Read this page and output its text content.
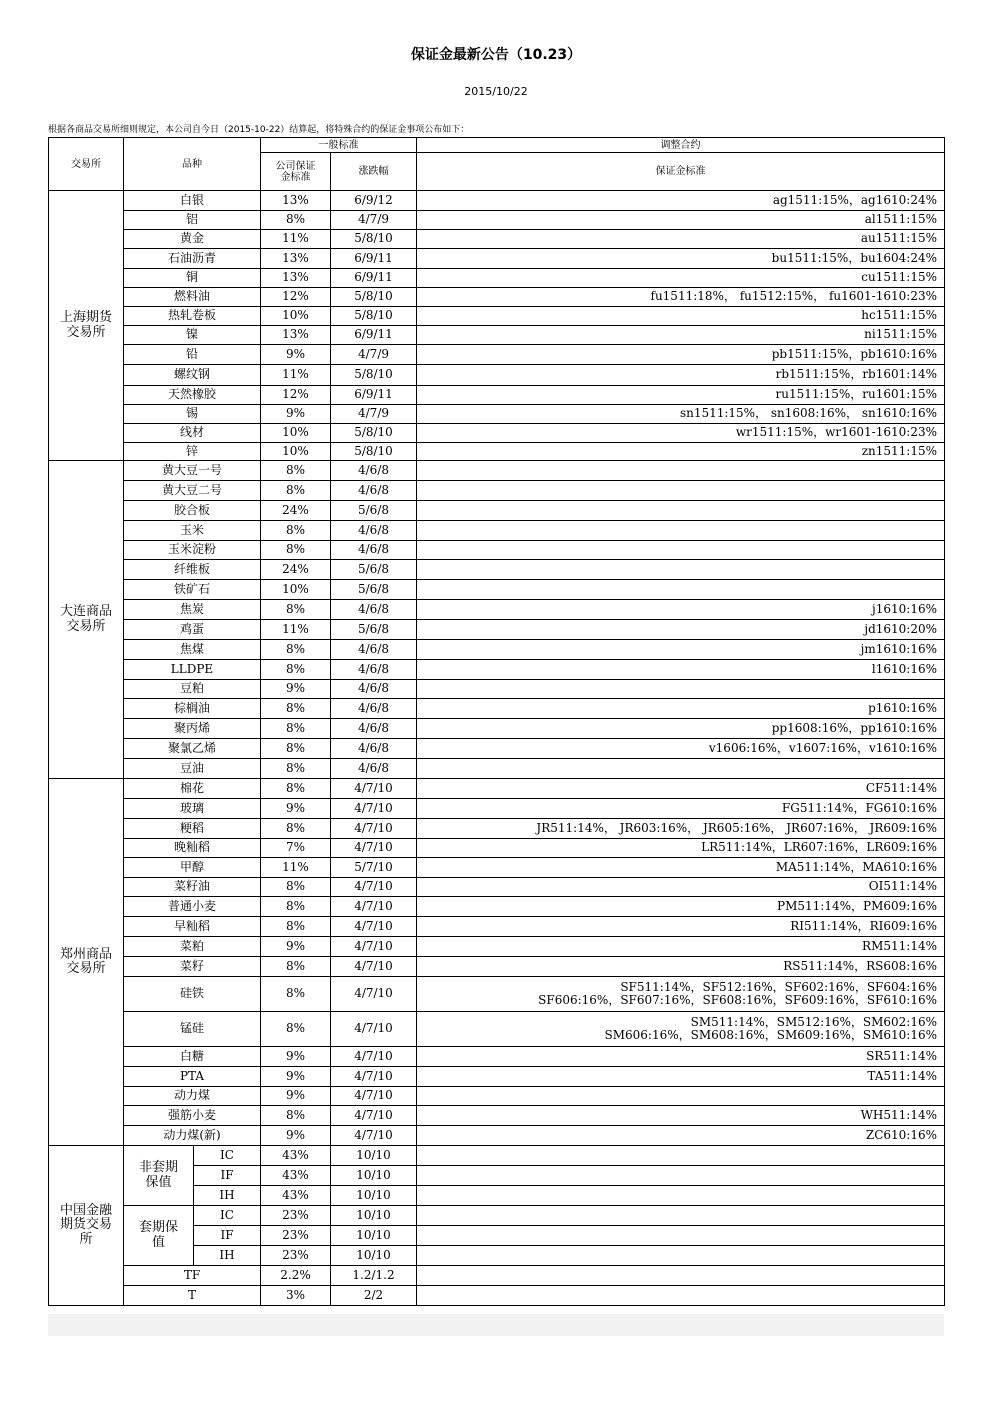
保证金最新公告（10.23）
2015/10/22
根据各商品交易所细则规定，本公司自今日（2015-10-22）结算起，将特殊合约的保证金事项公布如下：
交易所	品种		一般标准		调整合约
			公司保证金标准	涨跌幅	保证金标准
上海期货交易所	白银		13%	6/9/12	ag1511:15%，ag1610:24%
	铝		8%	4/7/9	al1511:15%
	黄金		11%	5/8/10	au1511:15%
	石油沥青		13%	6/9/11	bu1511:15%，bu1604:24%
	铜		13%	6/9/11	cu1511:15%
	燃料油		12%	5/8/10	fu1511:18%， fu1512:15%， fu1601-1610:23%
	热轧卷板		10%	5/8/10	hc1511:15%
	镍		13%	6/9/11	ni1511:15%
	铅		9%	4/7/9	pb1511:15%，pb1610:16%
	螺纹钢		11%	5/8/10	rb1511:15%，rb1601:14%
	天然橡胶		12%	6/9/11	ru1511:15%，ru1601:15%
	锡		9%	4/7/9	sn1511:15%， sn1608:16%， sn1610:16%
	线材		10%	5/8/10	wr1511:15%，wr1601-1610:23%
	锌		10%	5/8/10	zn1511:15%
大连商品交易所	黄大豆一号		8%	4/6/8	
	黄大豆二号		8%	4/6/8	
	胶合板		24%	5/6/8	
	玉米		8%	4/6/8	
	玉米淀粉		8%	4/6/8	
	纤维板		24%	5/6/8	
	铁矿石		10%	5/6/8	
	焦炭		8%	4/6/8	j1610:16%
	鸡蛋		11%	5/6/8	jd1610:20%
	焦煤		8%	4/6/8	jm1610:16%
	LLDPE		8%	4/6/8	l1610:16%
	豆粕		9%	4/6/8	
	棕榈油		8%	4/6/8	p1610:16%
	聚丙烯		8%	4/6/8	pp1608:16%，pp1610:16%
	聚氯乙烯		8%	4/6/8	v1606:16%，v1607:16%，v1610:16%
	豆油		8%	4/6/8	
郑州商品交易所	棉花		8%	4/7/10	CF511:14%
	玻璃		9%	4/7/10	FG511:14%，FG610:16%
	粳稻		8%	4/7/10	JR511:14%， JR603:16%， JR605:16%， JR607:16%， JR609:16%
	晚籼稻		7%	4/7/10	LR511:14%，LR607:16%，LR609:16%
	甲醇		11%	5/7/10	MA511:14%，MA610:16%
	菜籽油		8%	4/7/10	OI511:14%
	普通小麦		8%	4/7/10	PM511:14%，PM609:16%
	早籼稻		8%	4/7/10	RI511:14%，RI609:16%
	菜粕		9%	4/7/10	RM511:14%
	菜籽		8%	4/7/10	RS511:14%，RS608:16%
	硅铁		8%	4/7/10	SF511:14%，SF512:16%，SF602:16%，SF604:16%
SF606:16%，SF607:16%，SF608:16%，SF609:16%，SF610:16%

	锰硅		8%	4/7/10	SM511:14%，SM512:16%，SM602:16%
SM606:16%，SM608:16%，SM609:16%，SM610:16%

	白糖		9%	4/7/10	SR511:14%
	PTA		9%	4/7/10	TA511:14%
	动力煤		9%	4/7/10	
	强筋小麦		8%	4/7/10	WH511:14%
	动力煤(新)		9%	4/7/10	ZC610:16%
中国金融期货交易所	非套期保值	IC	43%	10/10	
		IF	43%	10/10	
		IH	43%	10/10	
	套期保值	IC	23%	10/10	
		IF	23%	10/10	
		IH	23%	10/10	
	TF		2.2%	1.2/1.2	
	T		3%	2/2	
